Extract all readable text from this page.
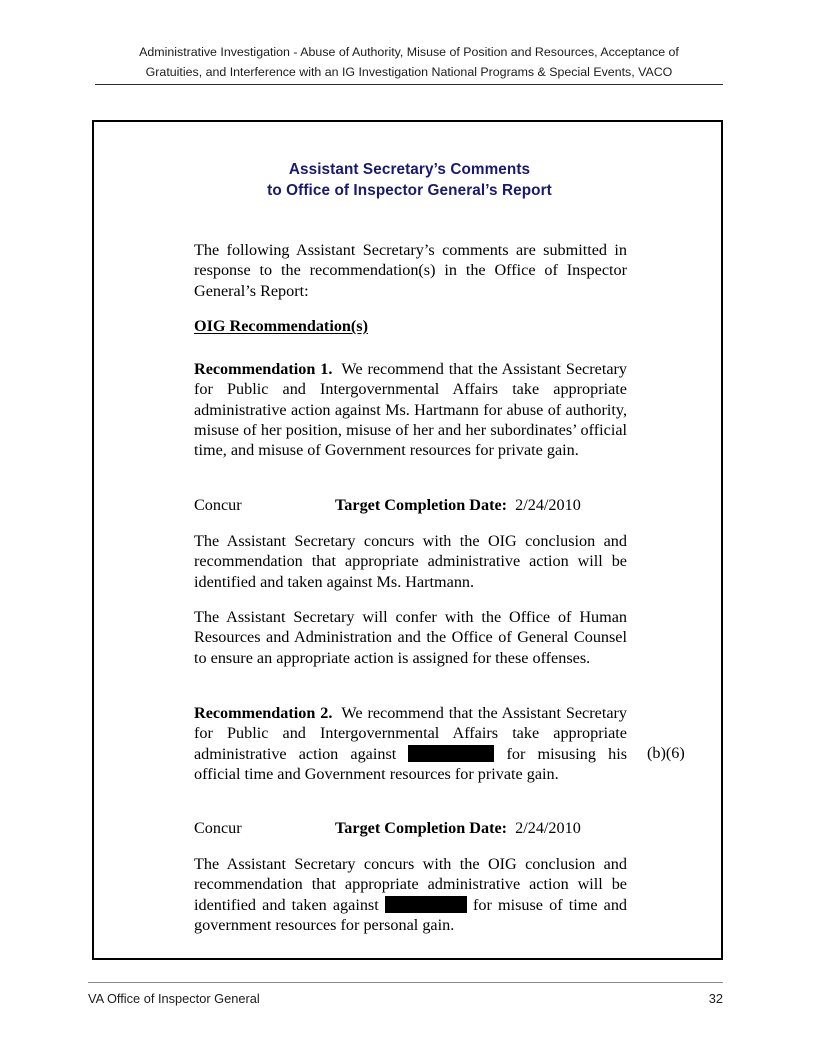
Administrative Investigation - Abuse of Authority, Misuse of Position and Resources, Acceptance of
Gratuities, and Interference with an IG Investigation National Programs & Special Events, VACO
Assistant Secretary’s Comments
to Office of Inspector General’s Report

The following Assistant Secretary’s comments are submitted in response to the recommendation(s) in the Office of Inspector General’s Report:

OIG Recommendation(s)

Recommendation 1. We recommend that the Assistant Secretary for Public and Intergovernmental Affairs take appropriate administrative action against Ms. Hartmann for abuse of authority, misuse of her position, misuse of her and her subordinates’ official time, and misuse of Government resources for private gain.

Concur	Target Completion Date: 2/24/2010

The Assistant Secretary concurs with the OIG conclusion and recommendation that appropriate administrative action will be identified and taken against Ms. Hartmann.

The Assistant Secretary will confer with the Office of Human Resources and Administration and the Office of General Counsel to ensure an appropriate action is assigned for these offenses.

Recommendation 2. We recommend that the Assistant Secretary for Public and Intergovernmental Affairs take appropriate administrative action against	for misusing his official time and Government resources for private gain.

(b)(6)
Concur	Target Completion Date: 2/24/2010

The Assistant Secretary concurs with the OIG conclusion and recommendation that appropriate administrative action will be identified and taken against	for misuse of time and government resources for personal gain.

VA Office of Inspector General	32
